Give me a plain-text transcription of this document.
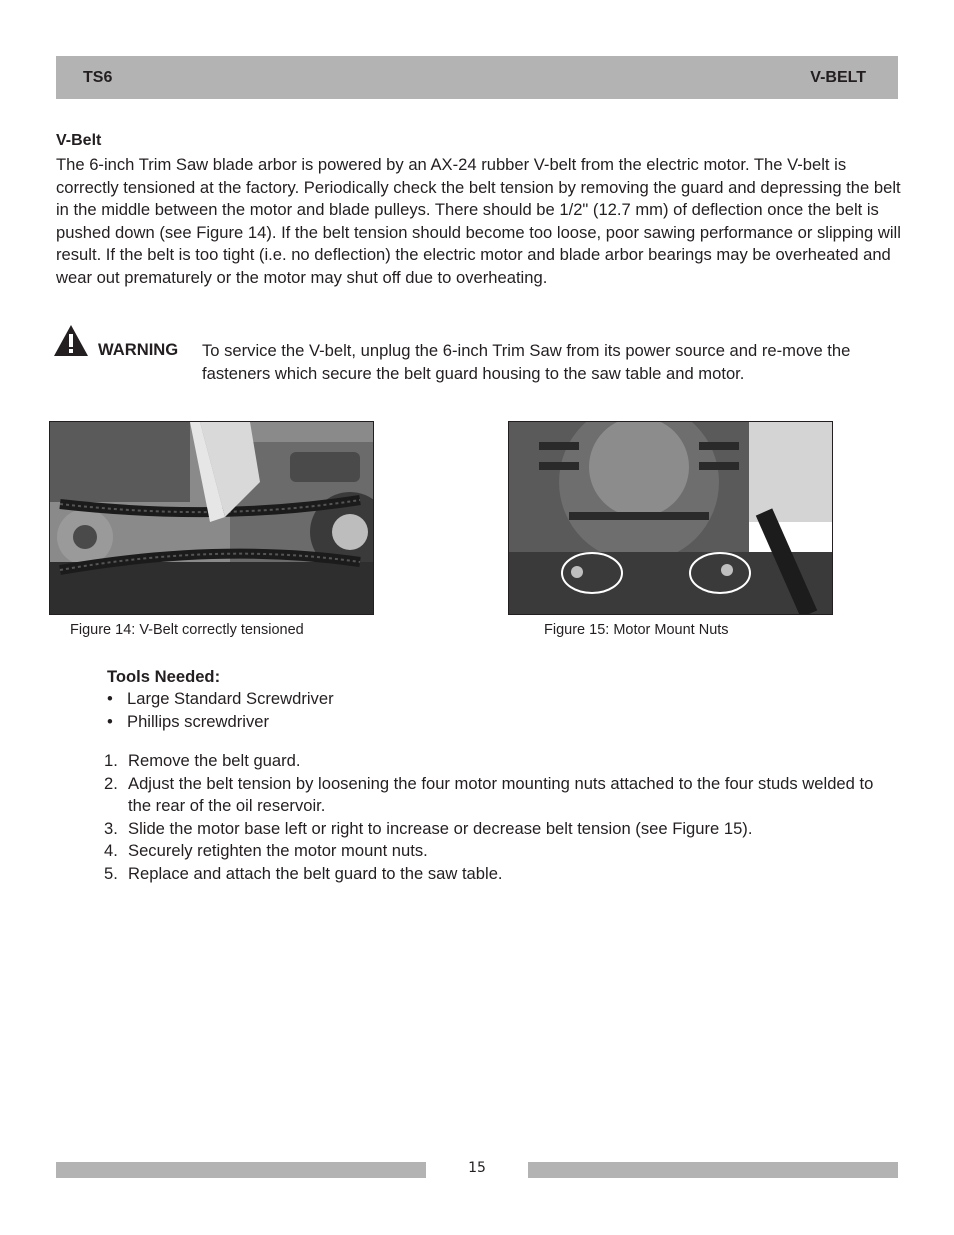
TS6	V-BELT
V-Belt

The 6-inch Trim Saw blade arbor is powered by an AX-24 rubber V-belt from the electric motor. The V-belt is correctly tensioned at the factory. Periodically check the belt tension by removing the guard and depressing the belt in the middle between the motor and blade pulleys. There should be 1/2" (12.7 mm) of deflection once the belt is pushed down (see Figure 14). If the belt tension should become too loose, poor sawing performance or slipping will result. If the belt is too tight (i.e. no deflection) the electric motor and blade arbor bearings may be overheated and wear out prematurely or the motor may shut off due to overheating.

WARNING To service the V-belt, unplug the 6-inch Trim Saw from its power source and re-move the fasteners which secure the belt guard housing to the saw table and motor.

Figure 14: V-Belt correctly tensioned	Figure 15: Motor Mount Nuts
Tools Needed:
• Large Standard Screwdriver
• Phillips screwdriver
1. Remove the belt guard.
2. Adjust the belt tension by loosening the four motor mounting nuts attached to the four studs welded to the rear of the oil reservoir.
3. Slide the motor base left or right to increase or decrease belt tension (see Figure 15).
4. Securely retighten the motor mount nuts.
5. Replace and attach the belt guard to the saw table.
15
